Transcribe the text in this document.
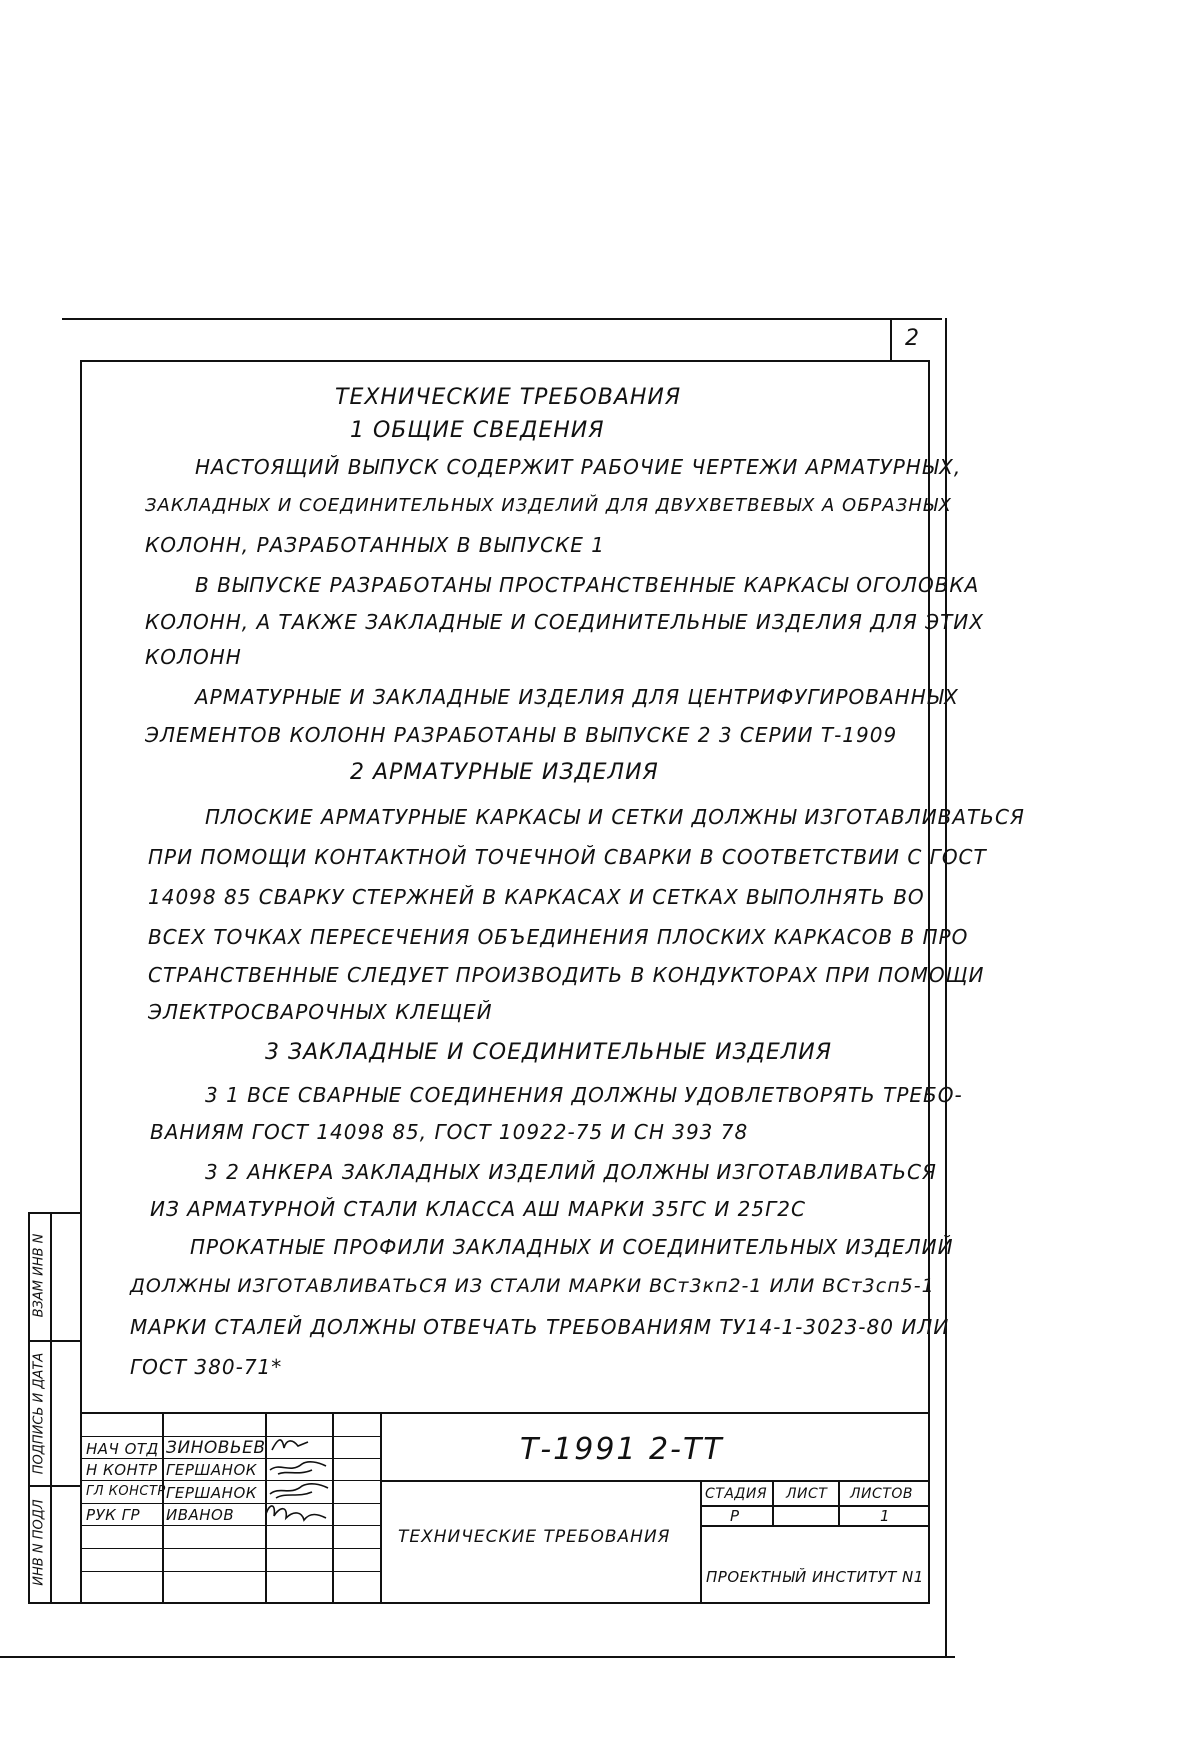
2
ТЕХНИЧЕСКИЕ ТРЕБОВАНИЯ
1 ОБЩИЕ СВЕДЕНИЯ
НАСТОЯЩИЙ ВЫПУСК СОДЕРЖИТ РАБОЧИЕ ЧЕРТЕЖИ АРМАТУРНЫХ,
ЗАКЛАДНЫХ И СОЕДИНИТЕЛЬНЫХ ИЗДЕЛИЙ ДЛЯ ДВУХВЕТВЕВЫХ А ОБРАЗНЫХ
КОЛОНН, РАЗРАБОТАННЫХ В ВЫПУСКЕ 1
В ВЫПУСКЕ РАЗРАБОТАНЫ ПРОСТРАНСТВЕННЫЕ КАРКАСЫ ОГОЛОВКА
КОЛОНН, А ТАКЖЕ ЗАКЛАДНЫЕ И СОЕДИНИТЕЛЬНЫЕ ИЗДЕЛИЯ ДЛЯ ЭТИХ
КОЛОНН
АРМАТУРНЫЕ И ЗАКЛАДНЫЕ ИЗДЕЛИЯ ДЛЯ ЦЕНТРИФУГИРОВАННЫХ
ЭЛЕМЕНТОВ КОЛОНН РАЗРАБОТАНЫ В ВЫПУСКЕ 2 3 СЕРИИ Т-1909
2 АРМАТУРНЫЕ ИЗДЕЛИЯ
ПЛОСКИЕ АРМАТУРНЫЕ КАРКАСЫ И СЕТКИ ДОЛЖНЫ ИЗГОТАВЛИВАТЬСЯ
ПРИ ПОМОЩИ КОНТАКТНОЙ ТОЧЕЧНОЙ СВАРКИ В СООТВЕТСТВИИ С ГОСТ
14098 85 СВАРКУ СТЕРЖНЕЙ В КАРКАСАХ И СЕТКАХ ВЫПОЛНЯТЬ ВО
ВСЕХ ТОЧКАХ ПЕРЕСЕЧЕНИЯ ОБЪЕДИНЕНИЯ ПЛОСКИХ КАРКАСОВ В ПРО
СТРАНСТВЕННЫЕ СЛЕДУЕТ ПРОИЗВОДИТЬ В КОНДУКТОРАХ ПРИ ПОМОЩИ
ЭЛЕКТРОСВАРОЧНЫХ КЛЕЩЕЙ
3 ЗАКЛАДНЫЕ И СОЕДИНИТЕЛЬНЫЕ ИЗДЕЛИЯ
3 1 ВСЕ СВАРНЫЕ СОЕДИНЕНИЯ ДОЛЖНЫ УДОВЛЕТВОРЯТЬ ТРЕБО-
ВАНИЯМ ГОСТ 14098 85, ГОСТ 10922-75 И СН 393 78
3 2 АНКЕРА ЗАКЛАДНЫХ ИЗДЕЛИЙ ДОЛЖНЫ ИЗГОТАВЛИВАТЬСЯ
ИЗ АРМАТУРНОЙ СТАЛИ КЛАССА АШ МАРКИ 35ГС И 25Г2С
ПРОКАТНЫЕ ПРОФИЛИ ЗАКЛАДНЫХ И СОЕДИНИТЕЛЬНЫХ ИЗДЕЛИЙ
ДОЛЖНЫ ИЗГОТАВЛИВАТЬСЯ ИЗ СТАЛИ МАРКИ ВСт3кп2-1 ИЛИ ВСт3сп5-1
МАРКИ СТАЛЕЙ ДОЛЖНЫ ОТВЕЧАТЬ ТРЕБОВАНИЯМ ТУ14-1-3023-80 ИЛИ
ГОСТ 380-71*
НАЧ ОТД ЗИНОВЬЕВ
Н КОНТР ГЕРШАНОК
ГЛ КОНСТР ГЕРШАНОК
РУК ГР ИВАНОВ
Т-1991 2-ТТ
ТЕХНИЧЕСКИЕ ТРЕБОВАНИЯ
СТАДИЯ ЛИСТ ЛИСТОВ
Р	1
ПРОЕКТНЫЙ ИНСТИТУТ N1
ИНВ N ПОДЛ
ПОДПИСЬ И ДАТА
ВЗАМ ИНВ N
